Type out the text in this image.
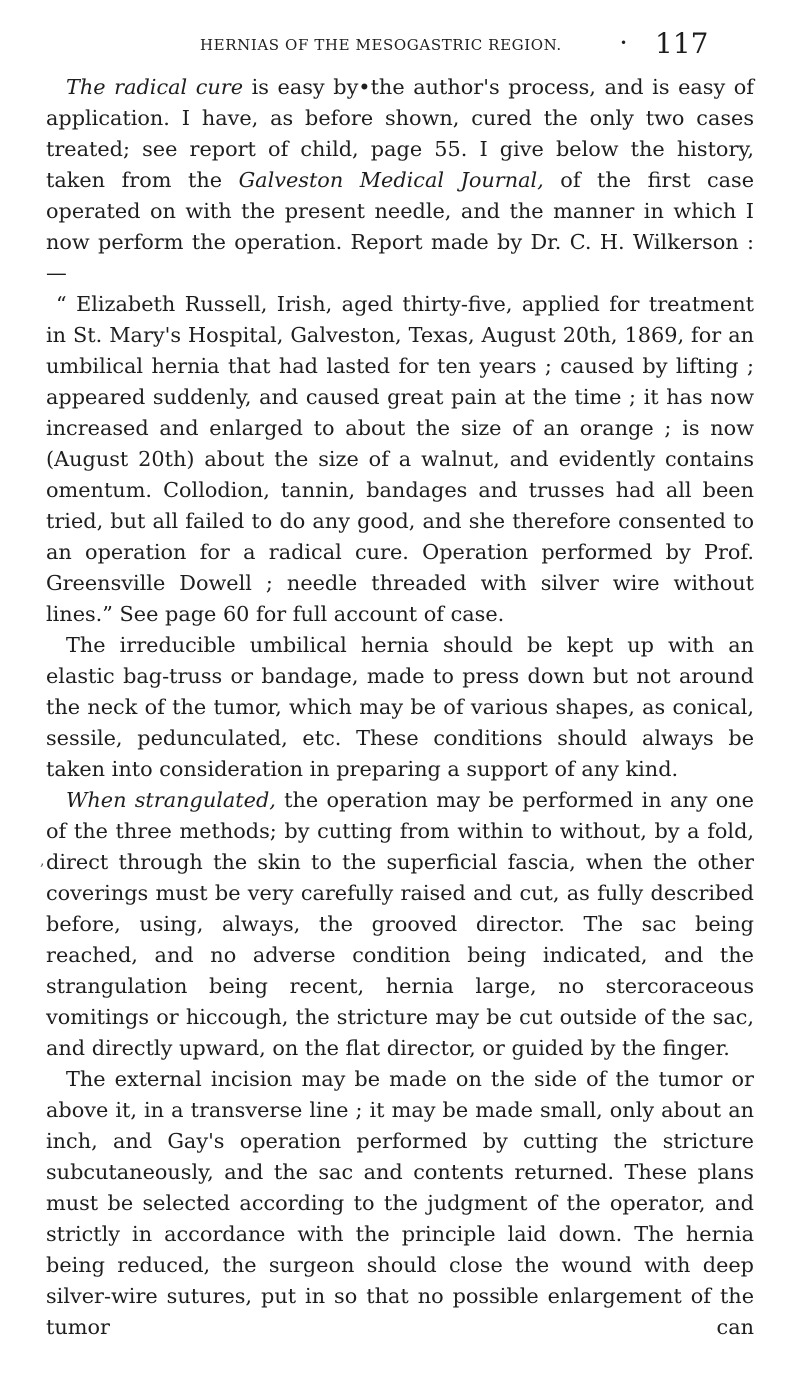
HERNIAS OF THE MESOGASTRIC REGION.	• 117
,

The radical cure is easy by•the author's process, and is easy of application. I have, as before shown, cured the only two cases treated; see report of child, page 55. I give below the history, taken from the Galveston Medical Journal, of the first case operated on with the present needle, and the manner in which I now perform the operation. Report made by Dr. C. H. Wilkerson :—

“ Elizabeth Russell, Irish, aged thirty-five, applied for treatment in St. Mary's Hospital, Galveston, Texas, August 20th, 1869, for an umbilical hernia that had lasted for ten years ; caused by lifting ; appeared suddenly, and caused great pain at the time ; it has now increased and enlarged to about the size of an orange ; is now (August 20th) about the size of a walnut, and evidently contains omentum. Collodion, tannin, bandages and trusses had all been tried, but all failed to do any good, and she therefore consented to an operation for a radical cure. Operation performed by Prof. Greensville Dowell ; needle threaded with silver wire without lines.” See page 60 for full account of case.

The irreducible umbilical hernia should be kept up with an elastic bag-truss or bandage, made to press down but not around the neck of the tumor, which may be of various shapes, as conical, sessile, pedunculated, etc. These conditions should always be taken into consideration in preparing a support of any kind.

When strangulated, the operation may be performed in any one of the three methods; by cutting from within to without, by a fold, direct through the skin to the superficial fascia, when the other coverings must be very carefully raised and cut, as fully described before, using, always, the grooved director. The sac being reached, and no adverse condition being indicated, and the strangulation being recent, hernia large, no stercoraceous vomitings or hiccough, the stricture may be cut outside of the sac, and directly upward, on the flat director, or guided by the finger.

The external incision may be made on the side of the tumor or above it, in a transverse line ; it may be made small, only about an inch, and Gay's operation performed by cutting the stricture subcutaneously, and the sac and contents returned. These plans must be selected according to the judgment of the operator, and strictly in accordance with the principle laid down. The hernia being reduced, the surgeon should close the wound with deep silver-wire sutures, put in so that no possible enlargement of the tumor can
